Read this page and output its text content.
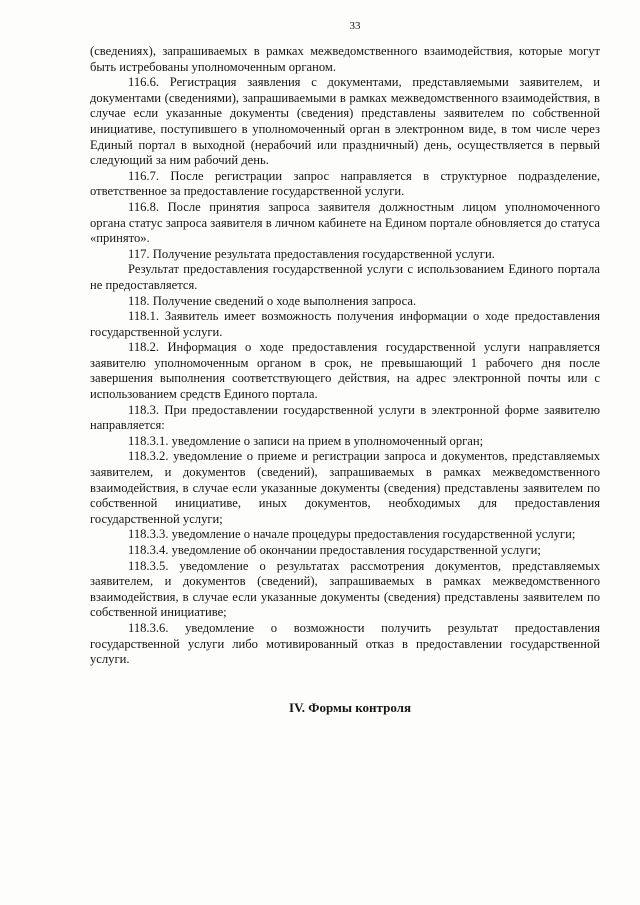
33

(сведениях), запрашиваемых в рамках межведомственного взаимодействия, которые могут быть истребованы уполномоченным органом.

116.6. Регистрация заявления с документами, представляемыми заявителем, и документами (сведениями), запрашиваемыми в рамках межведомственного взаимодействия, в случае если указанные документы (сведения) представлены заявителем по собственной инициативе, поступившего в уполномоченный орган в электронном виде, в том числе через Единый портал в выходной (нерабочий или праздничный) день, осуществляется в первый следующий за ним рабочий день.

116.7. После регистрации запрос направляется в структурное подразделение, ответственное за предоставление государственной услуги.

116.8. После принятия запроса заявителя должностным лицом уполномоченного органа статус запроса заявителя в личном кабинете на Едином портале обновляется до статуса «принято».

117. Получение результата предоставления государственной услуги.

Результат предоставления государственной услуги с использованием Единого портала не предоставляется.

118. Получение сведений о ходе выполнения запроса.

118.1. Заявитель имеет возможность получения информации о ходе предоставления государственной услуги.

118.2. Информация о ходе предоставления государственной услуги направляется заявителю уполномоченным органом в срок, не превышающий 1 рабочего дня после завершения выполнения соответствующего действия, на адрес электронной почты или с использованием средств Единого портала.

118.3. При предоставлении государственной услуги в электронной форме заявителю направляется:

118.3.1. уведомление о записи на прием в уполномоченный орган;

118.3.2. уведомление о приеме и регистрации запроса и документов, представляемых заявителем, и документов (сведений), запрашиваемых в рамках межведомственного взаимодействия, в случае если указанные документы (сведения) представлены заявителем по собственной инициативе, иных документов, необходимых для предоставления государственной услуги;

118.3.3. уведомление о начале процедуры предоставления государственной услуги;

118.3.4. уведомление об окончании предоставления государственной услуги;

118.3.5. уведомление о результатах рассмотрения документов, представляемых заявителем, и документов (сведений), запрашиваемых в рамках межведомственного взаимодействия, в случае если указанные документы (сведения) представлены заявителем по собственной инициативе;

118.3.6. уведомление о возможности получить результат предоставления государственной услуги либо мотивированный отказ в предоставлении государственной услуги.

IV. Формы контроля
